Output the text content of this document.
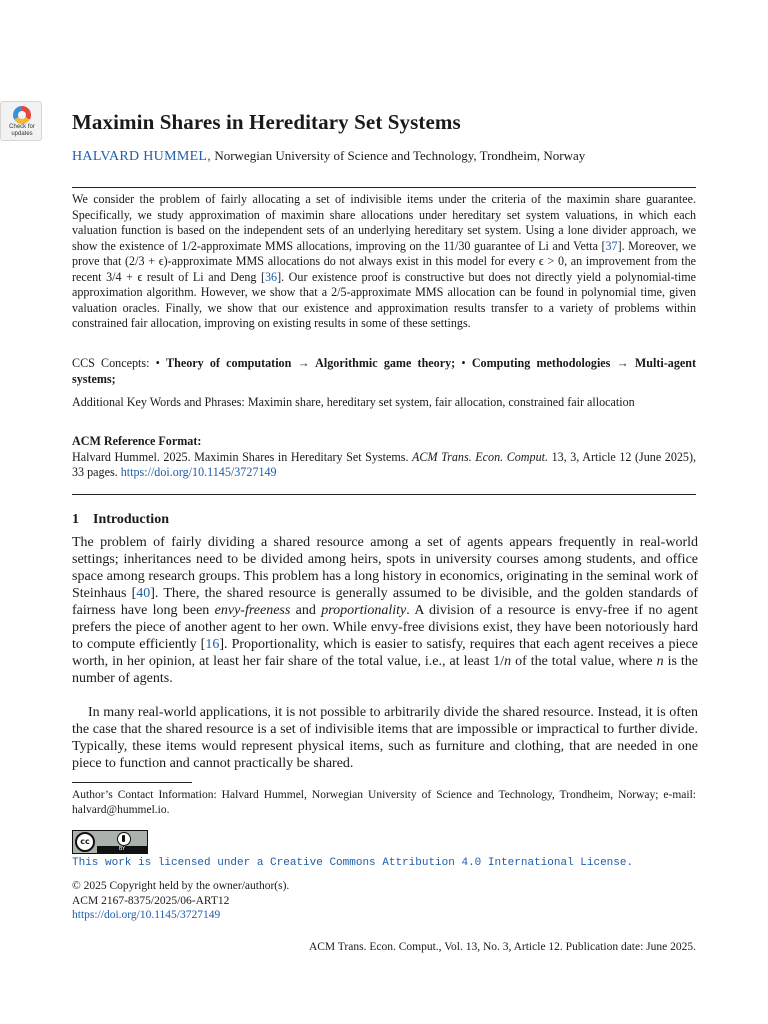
Check for updates	Maximin Shares in Hereditary Set Systems
HALVARD HUMMEL, Norwegian University of Science and Technology, Trondheim, Norway
We consider the problem of fairly allocating a set of indivisible items under the criteria of the maximin share guarantee. Specifically, we study approximation of maximin share allocations under hereditary set system valuations, in which each valuation function is based on the independent sets of an underlying hereditary set system. Using a lone divider approach, we show the existence of 1/2-approximate MMS allocations, improving on the 11/30 guarantee of Li and Vetta [37]. Moreover, we prove that (2/3 + ϵ)-approximate MMS allocations do not always exist in this model for every ϵ > 0, an improvement from the recent 3/4 + ϵ result of Li and Deng [36]. Our existence proof is constructive but does not directly yield a polynomial-time approximation algorithm. However, we show that a 2/5-approximate MMS allocation can be found in polynomial time, given valuation oracles. Finally, we show that our existence and approximation results transfer to a variety of problems within constrained fair allocation, improving on existing results in some of these settings.
CCS Concepts: • Theory of computation → Algorithmic game theory; • Computing methodologies → Multi-agent systems;
Additional Key Words and Phrases: Maximin share, hereditary set system, fair allocation, constrained fair allocation
ACM Reference Format:
Halvard Hummel. 2025. Maximin Shares in Hereditary Set Systems. ACM Trans. Econ. Comput. 13, 3, Article 12 (June 2025), 33 pages. https://doi.org/10.1145/3727149
1 Introduction
The problem of fairly dividing a shared resource among a set of agents appears frequently in real-world settings; inheritances need to be divided among heirs, spots in university courses among students, and office space among research groups. This problem has a long history in economics, originating in the seminal work of Steinhaus [40]. There, the shared resource is generally assumed to be divisible, and the golden standards of fairness have long been envy-freeness and proportionality. A division of a resource is envy-free if no agent prefers the piece of another agent to her own. While envy-free divisions exist, they have been notoriously hard to compute efficiently [16]. Proportionality, which is easier to satisfy, requires that each agent receives a piece worth, in her opinion, at least her fair share of the total value, i.e., at least 1/n of the total value, where n is the number of agents.
In many real-world applications, it is not possible to arbitrarily divide the shared resource. Instead, it is often the case that the shared resource is a set of indivisible items that are impossible or impractical to further divide. Typically, these items would represent physical items, such as furniture and clothing, that are needed in one piece to function and cannot practically be shared.
Author’s Contact Information: Halvard Hummel, Norwegian University of Science and Technology, Trondheim, Norway; e-mail: halvard@hummel.io.
cc
BY
This work is licensed under a Creative Commons Attribution 4.0 International License.
© 2025 Copyright held by the owner/author(s).
ACM 2167-8375/2025/06-ART12
https://doi.org/10.1145/3727149
ACM Trans. Econ. Comput., Vol. 13, No. 3, Article 12. Publication date: June 2025.
